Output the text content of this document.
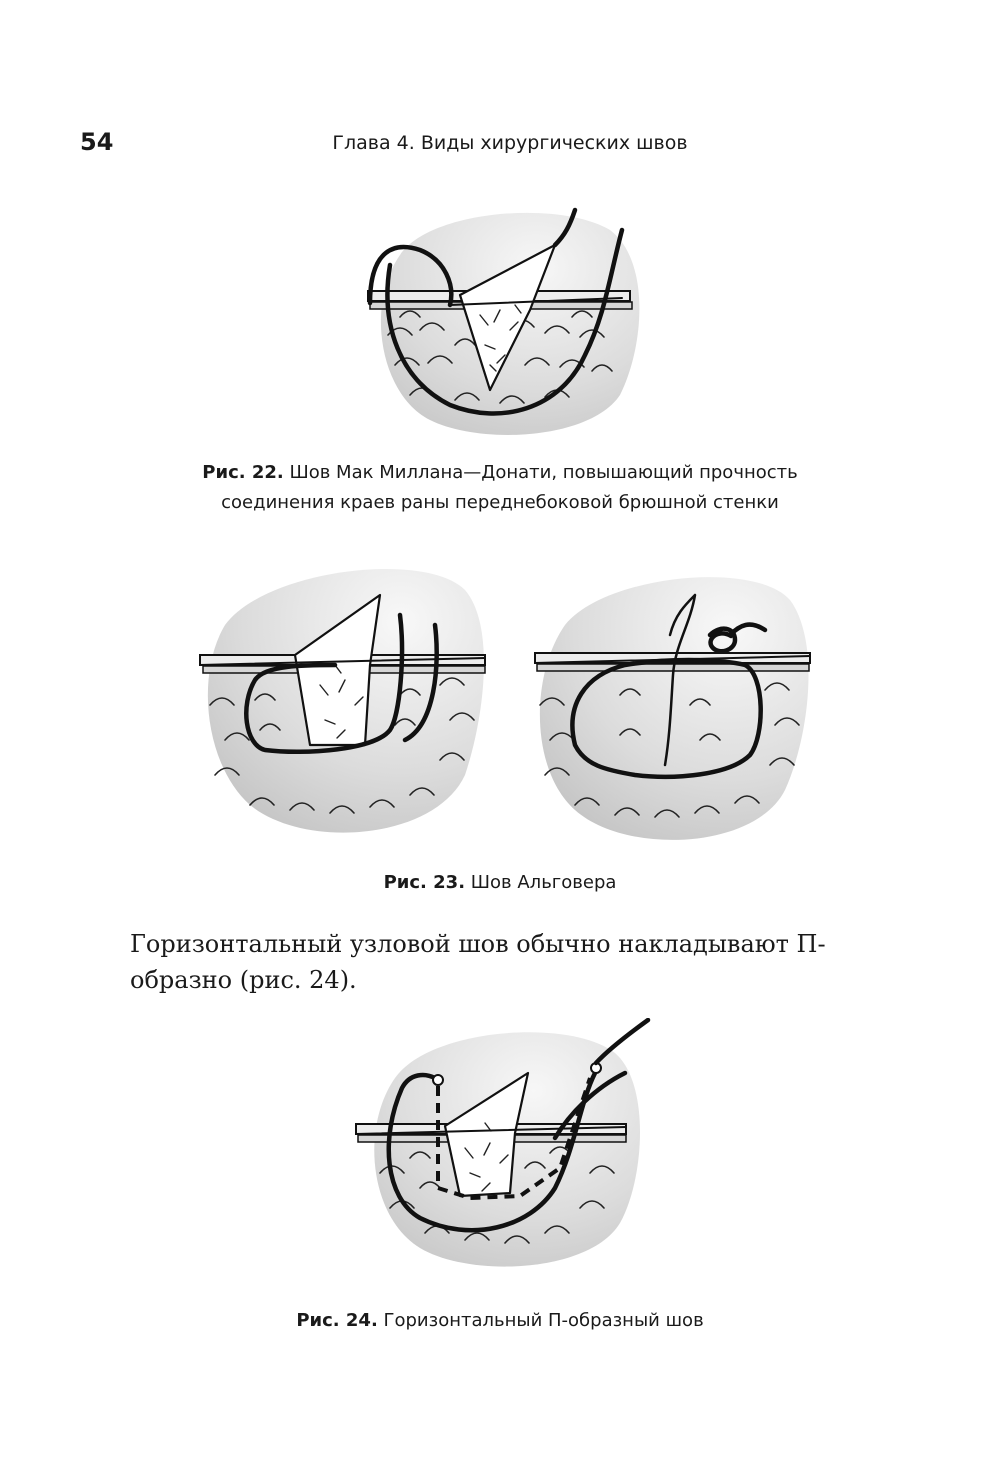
54	Глава 4. Виды хирургических швов
Рис. 22. Шов Мак Миллана—Донати, повышающий прочность
соединения краев раны переднебоковой брюшной стенки
Рис. 23. Шов Альговера
Горизонтальный узловой шов обычно накладывают П-образно (рис. 24).
Рис. 24. Горизонтальный П-образный шов
